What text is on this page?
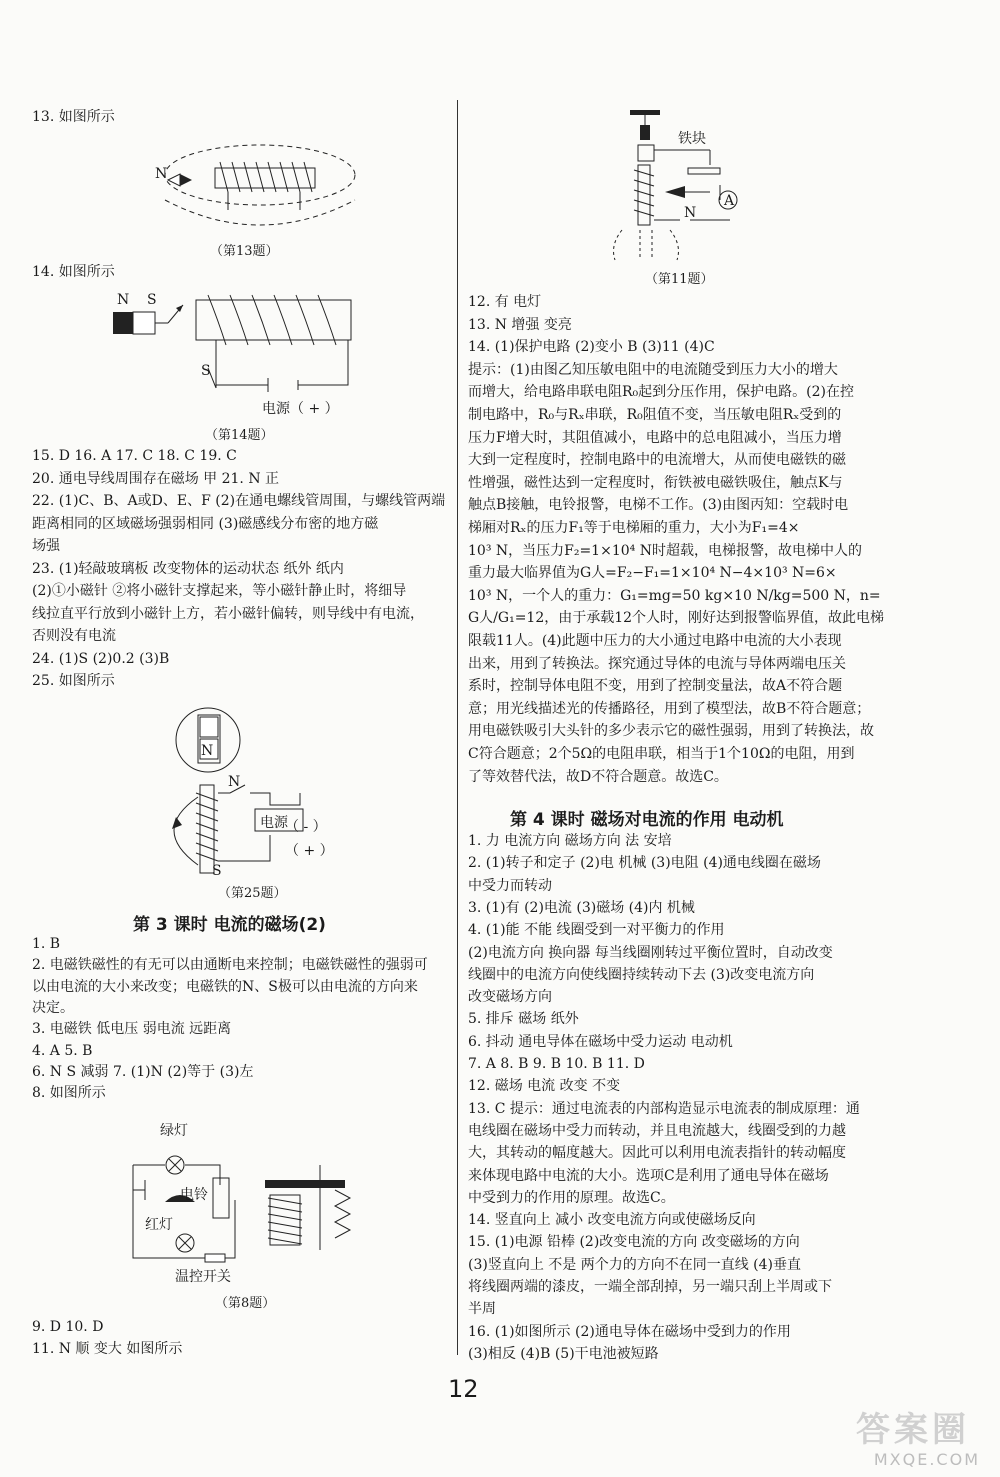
13. 如图所示
N
（第13题）
14. 如图所示
N S
S
电源（ + ）
（第14题）
15. D 16. A 17. C 18. C 19. C
20. 通电导线周围存在磁场 甲 21. N 正
22. (1)C、B、A或D、E、F (2)在通电螺线管周围，与螺线管两端
距离相同的区域磁场强弱相同 (3)磁感线分布密的地方磁
场强
23. (1)轻敲玻璃板 改变物体的运动状态 纸外 纸内
(2)①小磁针 ②将小磁针支撑起来，等小磁针静止时，将细导
线拉直平行放到小磁针上方，若小磁针偏转，则导线中有电流，
否则没有电流
24. (1)S (2)0.2 (3)B
25. 如图所示
N
N
（ - ）
电源
（ + ）
S
（第25题）
第 3 课时 电流的磁场(2)
1. B
2. 电磁铁磁性的有无可以由通断电来控制；电磁铁磁性的强弱可
以由电流的大小来改变；电磁铁的N、S极可以由电流的方向来
决定。
3. 电磁铁 低电压 弱电流 远距离
4. A 5. B
6. N S 减弱 7. (1)N (2)等于 (3)左
8. 如图所示
绿灯
电铃
红灯
温控开关
（第8题）
9. D 10. D
11. N 顺 变大 如图所示
铁块
N
A
（第11题）
12. 有 电灯
13. N 增强 变亮
14. (1)保护电路 (2)变小 B (3)11 (4)C
提示：(1)由图乙知压敏电阻中的电流随受到压力大小的增大
而增大，给电路串联电阻R₀起到分压作用，保护电路。(2)在控
制电路中，R₀与Rₓ串联，R₀阻值不变，当压敏电阻Rₓ受到的
压力F增大时，其阻值减小，电路中的总电阻减小，当压力增
大到一定程度时，控制电路中的电流增大，从而使电磁铁的磁
性增强，磁性达到一定程度时，衔铁被电磁铁吸住，触点K与
触点B接触，电铃报警，电梯不工作。(3)由图丙知：空载时电
梯厢对Rₓ的压力F₁等于电梯厢的重力，大小为F₁=4×
10³ N，当压力F₂=1×10⁴ N时超载，电梯报警，故电梯中人的
重力最大临界值为G人=F₂−F₁=1×10⁴ N−4×10³ N=6×
10³ N，一个人的重力：G₁=mg=50 kg×10 N/kg=500 N，n=
G人/G₁=12，由于承载12个人时，刚好达到报警临界值，故此电梯
限载11人。(4)此题中压力的大小通过电路中电流的大小表现
出来，用到了转换法。探究通过导体的电流与导体两端电压关
系时，控制导体电阻不变，用到了控制变量法，故A不符合题
意；用光线描述光的传播路径，用到了模型法，故B不符合题意；
用电磁铁吸引大头针的多少表示它的磁性强弱，用到了转换法，故
C符合题意；2个5Ω的电阻串联，相当于1个10Ω的电阻，用到
了等效替代法，故D不符合题意。故选C。
第 4 课时 磁场对电流的作用 电动机
1. 力 电流方向 磁场方向 法 安培
2. (1)转子和定子 (2)电 机械 (3)电阻 (4)通电线圈在磁场
中受力而转动
3. (1)有 (2)电流 (3)磁场 (4)内 机械
4. (1)能 不能 线圈受到一对平衡力的作用
(2)电流方向 换向器 每当线圈刚转过平衡位置时，自动改变
线圈中的电流方向使线圈持续转动下去 (3)改变电流方向
改变磁场方向
5. 排斥 磁场 纸外
6. 抖动 通电导体在磁场中受力运动 电动机
7. A 8. B 9. B 10. B 11. D
12. 磁场 电流 改变 不变
13. C 提示：通过电流表的内部构造显示电流表的制成原理：通
电线圈在磁场中受力而转动，并且电流越大，线圈受到的力越
大，其转动的幅度越大。因此可以利用电流表指针的转动幅度
来体现电路中电流的大小。选项C是利用了通电导体在磁场
中受到力的作用的原理。故选C。
14. 竖直向上 减小 改变电流方向或使磁场反向
15. (1)电源 铅棒 (2)改变电流的方向 改变磁场的方向
(3)竖直向上 不是 两个力的方向不在同一直线 (4)垂直
将线圈两端的漆皮，一端全部刮掉，另一端只刮上半周或下
半周
16. (1)如图所示 (2)通电导体在磁场中受到力的作用
(3)相反 (4)B (5)干电池被短路
12
答案圈
MXQE.COM
